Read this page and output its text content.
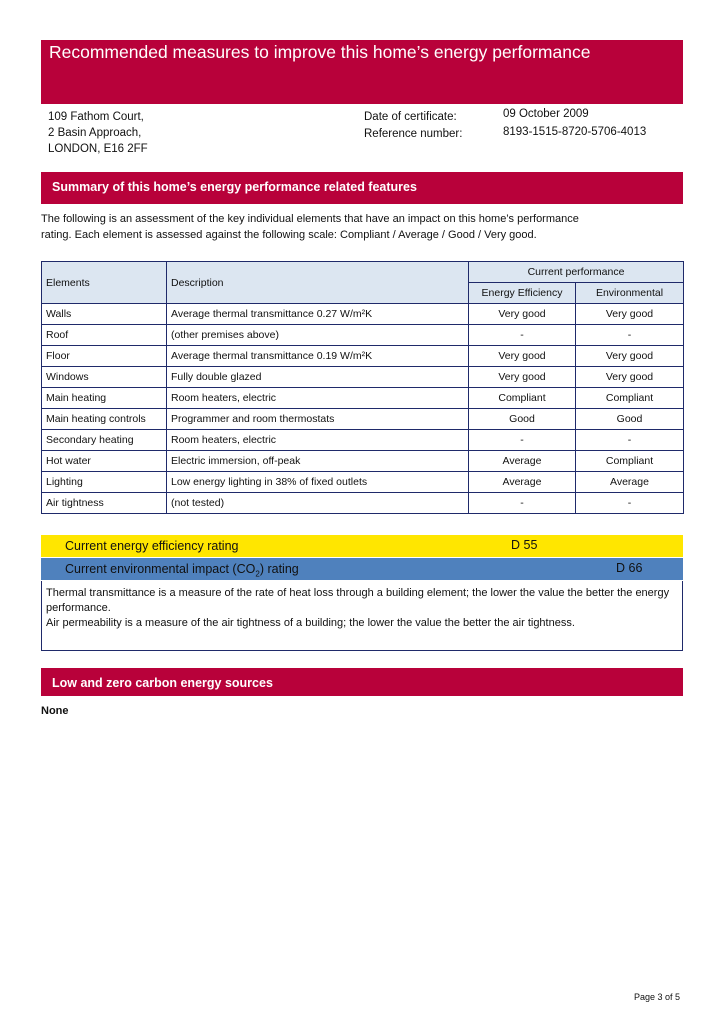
Recommended measures to improve this home’s energy performance
109 Fathom Court,
2 Basin Approach,
LONDON, E16 2FF
Date of certificate:	09 October 2009
Reference number:	8193-1515-8720-5706-4013
Summary of this home’s energy performance related features
The following is an assessment of the key individual elements that have an impact on this home’s performance rating. Each element is assessed against the following scale: Compliant / Average / Good / Very good.
Elements	Description	Current performance	
		Energy Efficiency	Environmental
Walls	Average thermal transmittance 0.27 W/m²K	Very good	Very good
Roof	(other premises above)	-	-
Floor	Average thermal transmittance 0.19 W/m²K	Very good	Very good
Windows	Fully double glazed	Very good	Very good
Main heating	Room heaters, electric	Compliant	Compliant
Main heating controls	Programmer and room thermostats	Good	Good
Secondary heating	Room heaters, electric	-	-
Hot water	Electric immersion, off-peak	Average	Compliant
Lighting	Low energy lighting in 38% of fixed outlets	Average	Average
Air tightness	(not tested)	-	-
Current energy efficiency rating	D 55
Current environmental impact $(CO_2)$ rating	D 66
Thermal transmittance is a measure of the rate of heat loss through a building element; the lower the value the better the energy performance.
Air permeability is a measure of the air tightness of a building; the lower the value the better the air tightness.
Low and zero carbon energy sources
None
Page 3 of 5
